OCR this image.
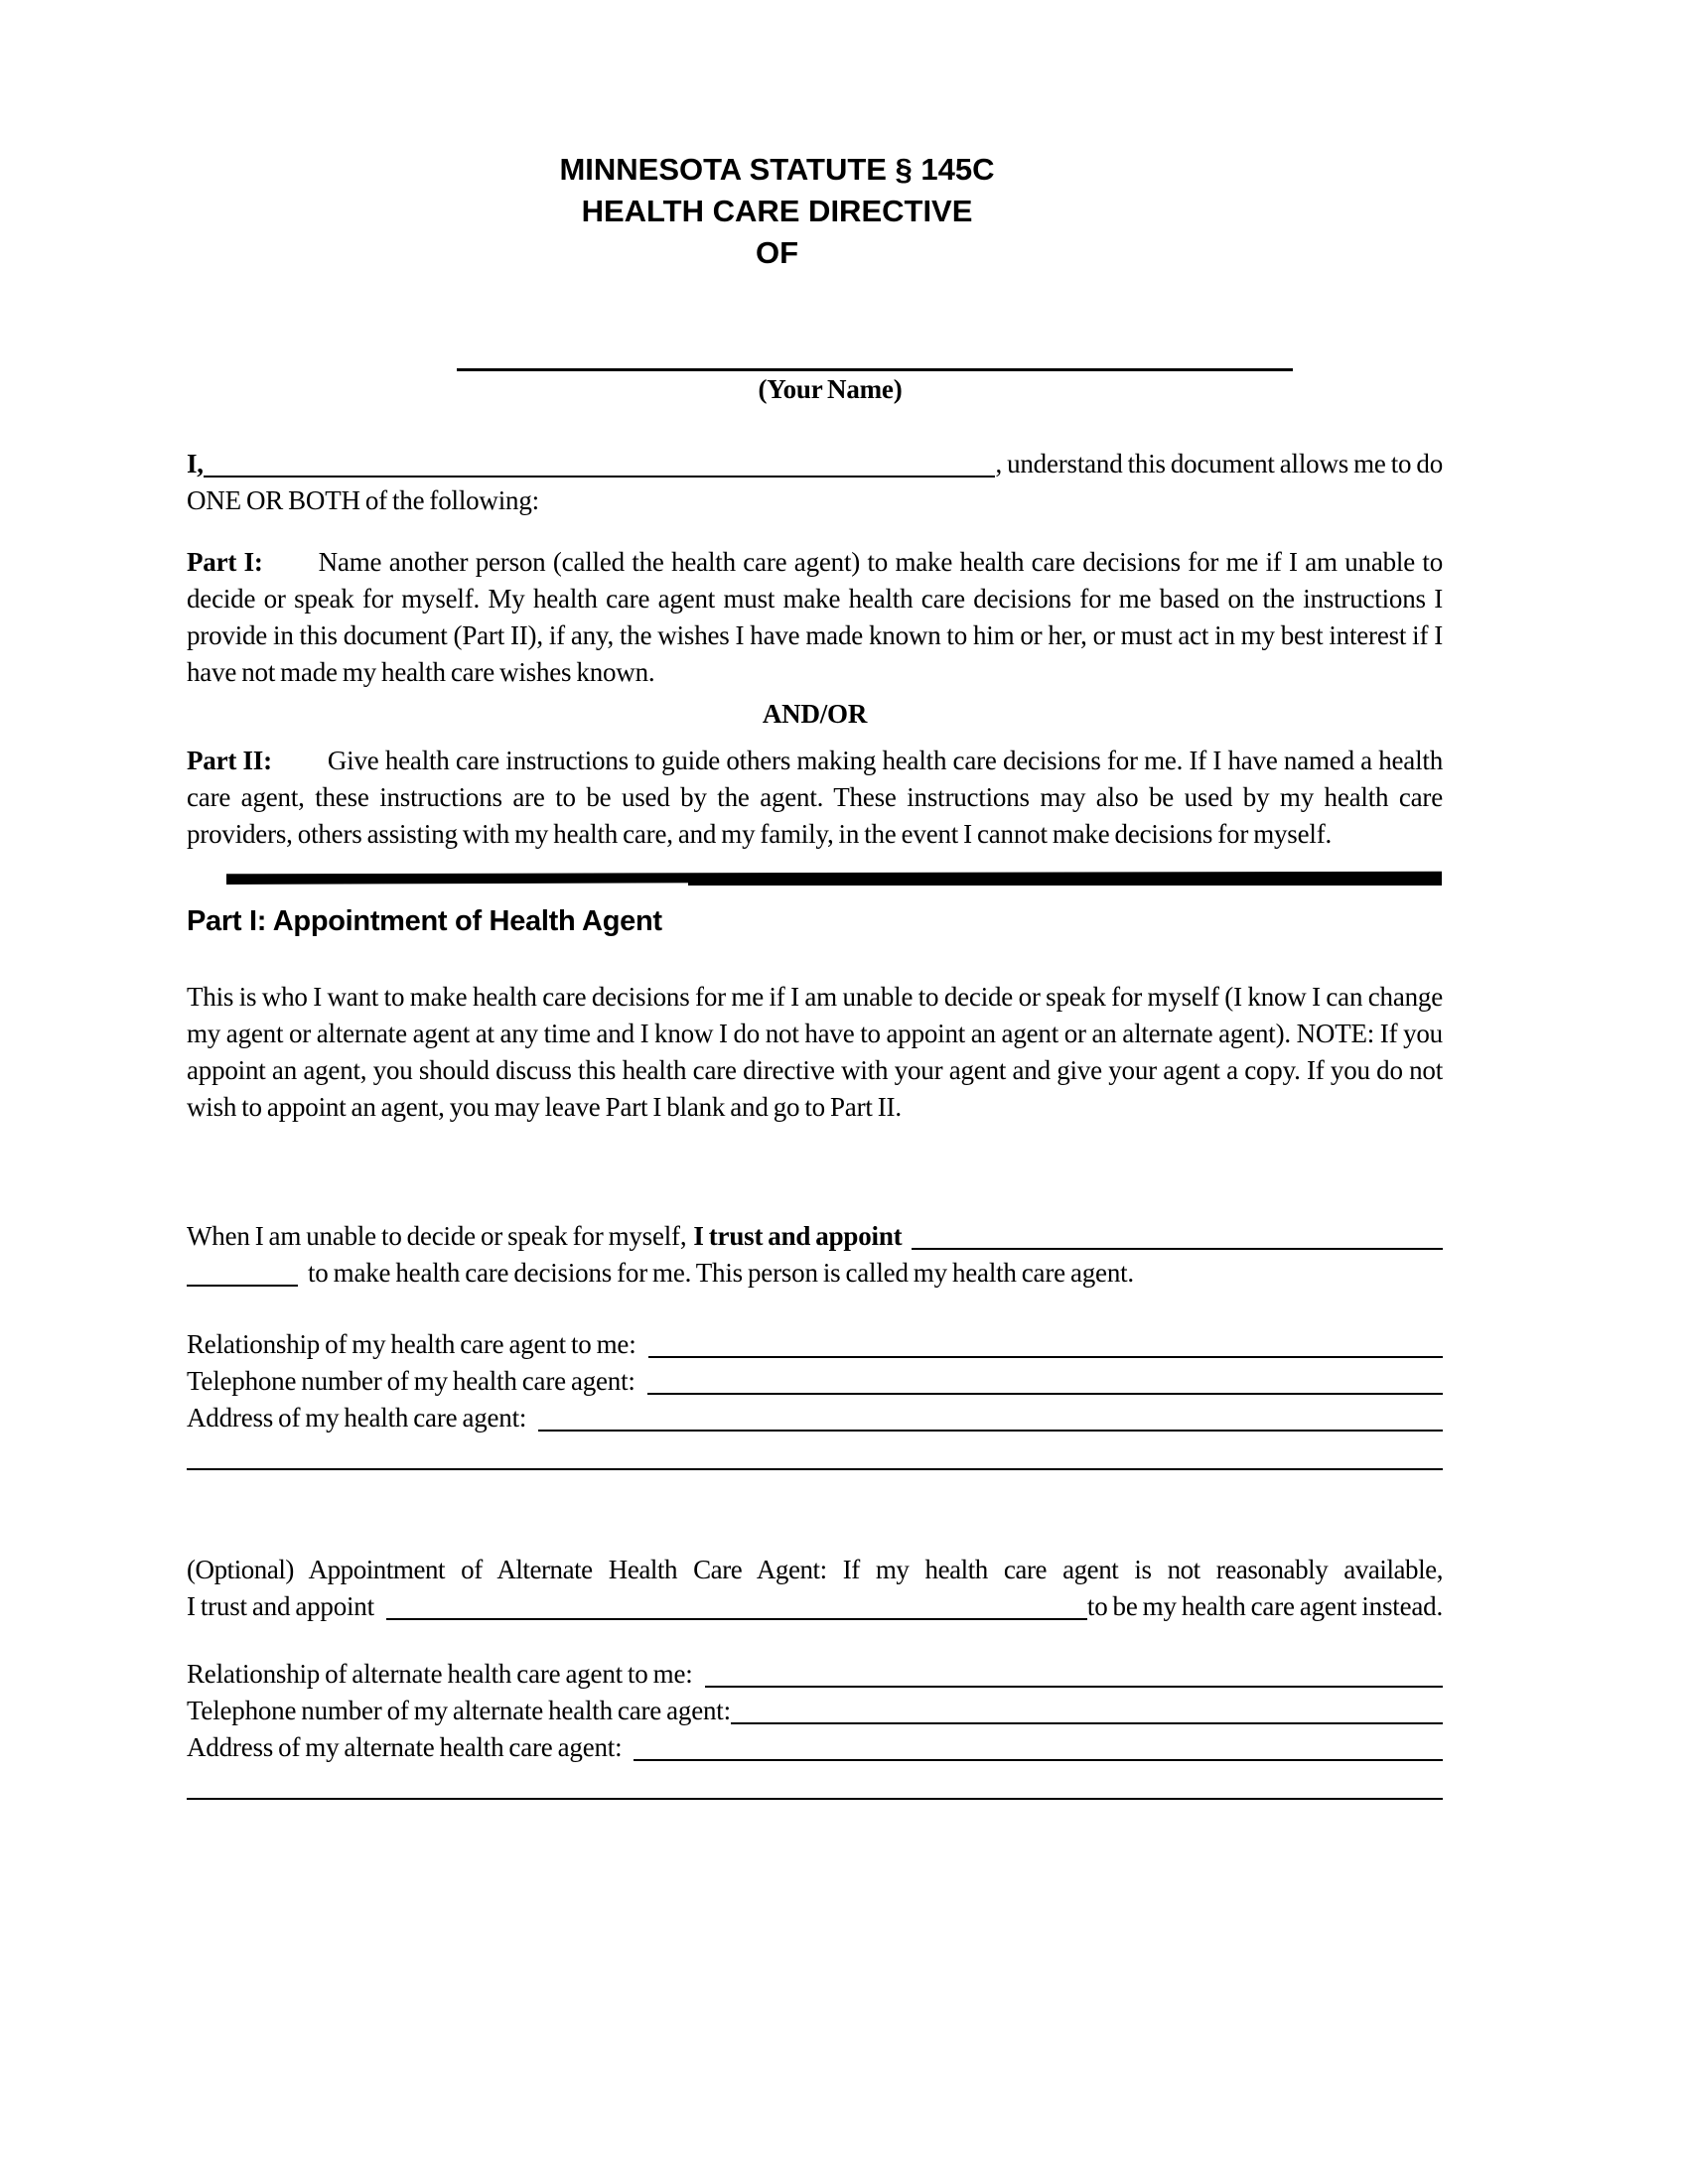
MINNESOTA STATUTE § 145C
HEALTH CARE DIRECTIVE
OF
(Your Name)
I,	, understand this document allows me to do
ONE OR BOTH of the following:

Part I: Name another person (called the health care agent) to make health care decisions for me if I am unable to decide or speak for myself. My health care agent must make health care decisions for me based on the instructions I provide in this document (Part II), if any, the wishes I have made known to him or her, or must act in my best interest if I have not made my health care wishes known.

AND/OR

Part II: Give health care instructions to guide others making health care decisions for me. If I have named a health care agent, these instructions are to be used by the agent. These instructions may also be used by my health care providers, others assisting with my health care, and my family, in the event I cannot make decisions for myself.

Part I: Appointment of Health Agent

This is who I want to make health care decisions for me if I am unable to decide or speak for myself (I know I can change my agent or alternate agent at any time and I know I do not have to appoint an agent or an alternate agent). NOTE: If you appoint an agent, you should discuss this health care directive with your agent and give your agent a copy. If you do not wish to appoint an agent, you may leave Part I blank and go to Part II.

When I am unable to decide or speak for myself, I trust and appoint
to make health care decisions for me. This person is called my health care agent.
Relationship of my health care agent to me:
Telephone number of my health care agent:
Address of my health care agent:
(Optional) Appointment of Alternate Health Care Agent: If my health care agent is not reasonably available,
I trust and appoint	to be my health care agent instead.
Relationship of alternate health care agent to me:
Telephone number of my alternate health care agent:
Address of my alternate health care agent:
